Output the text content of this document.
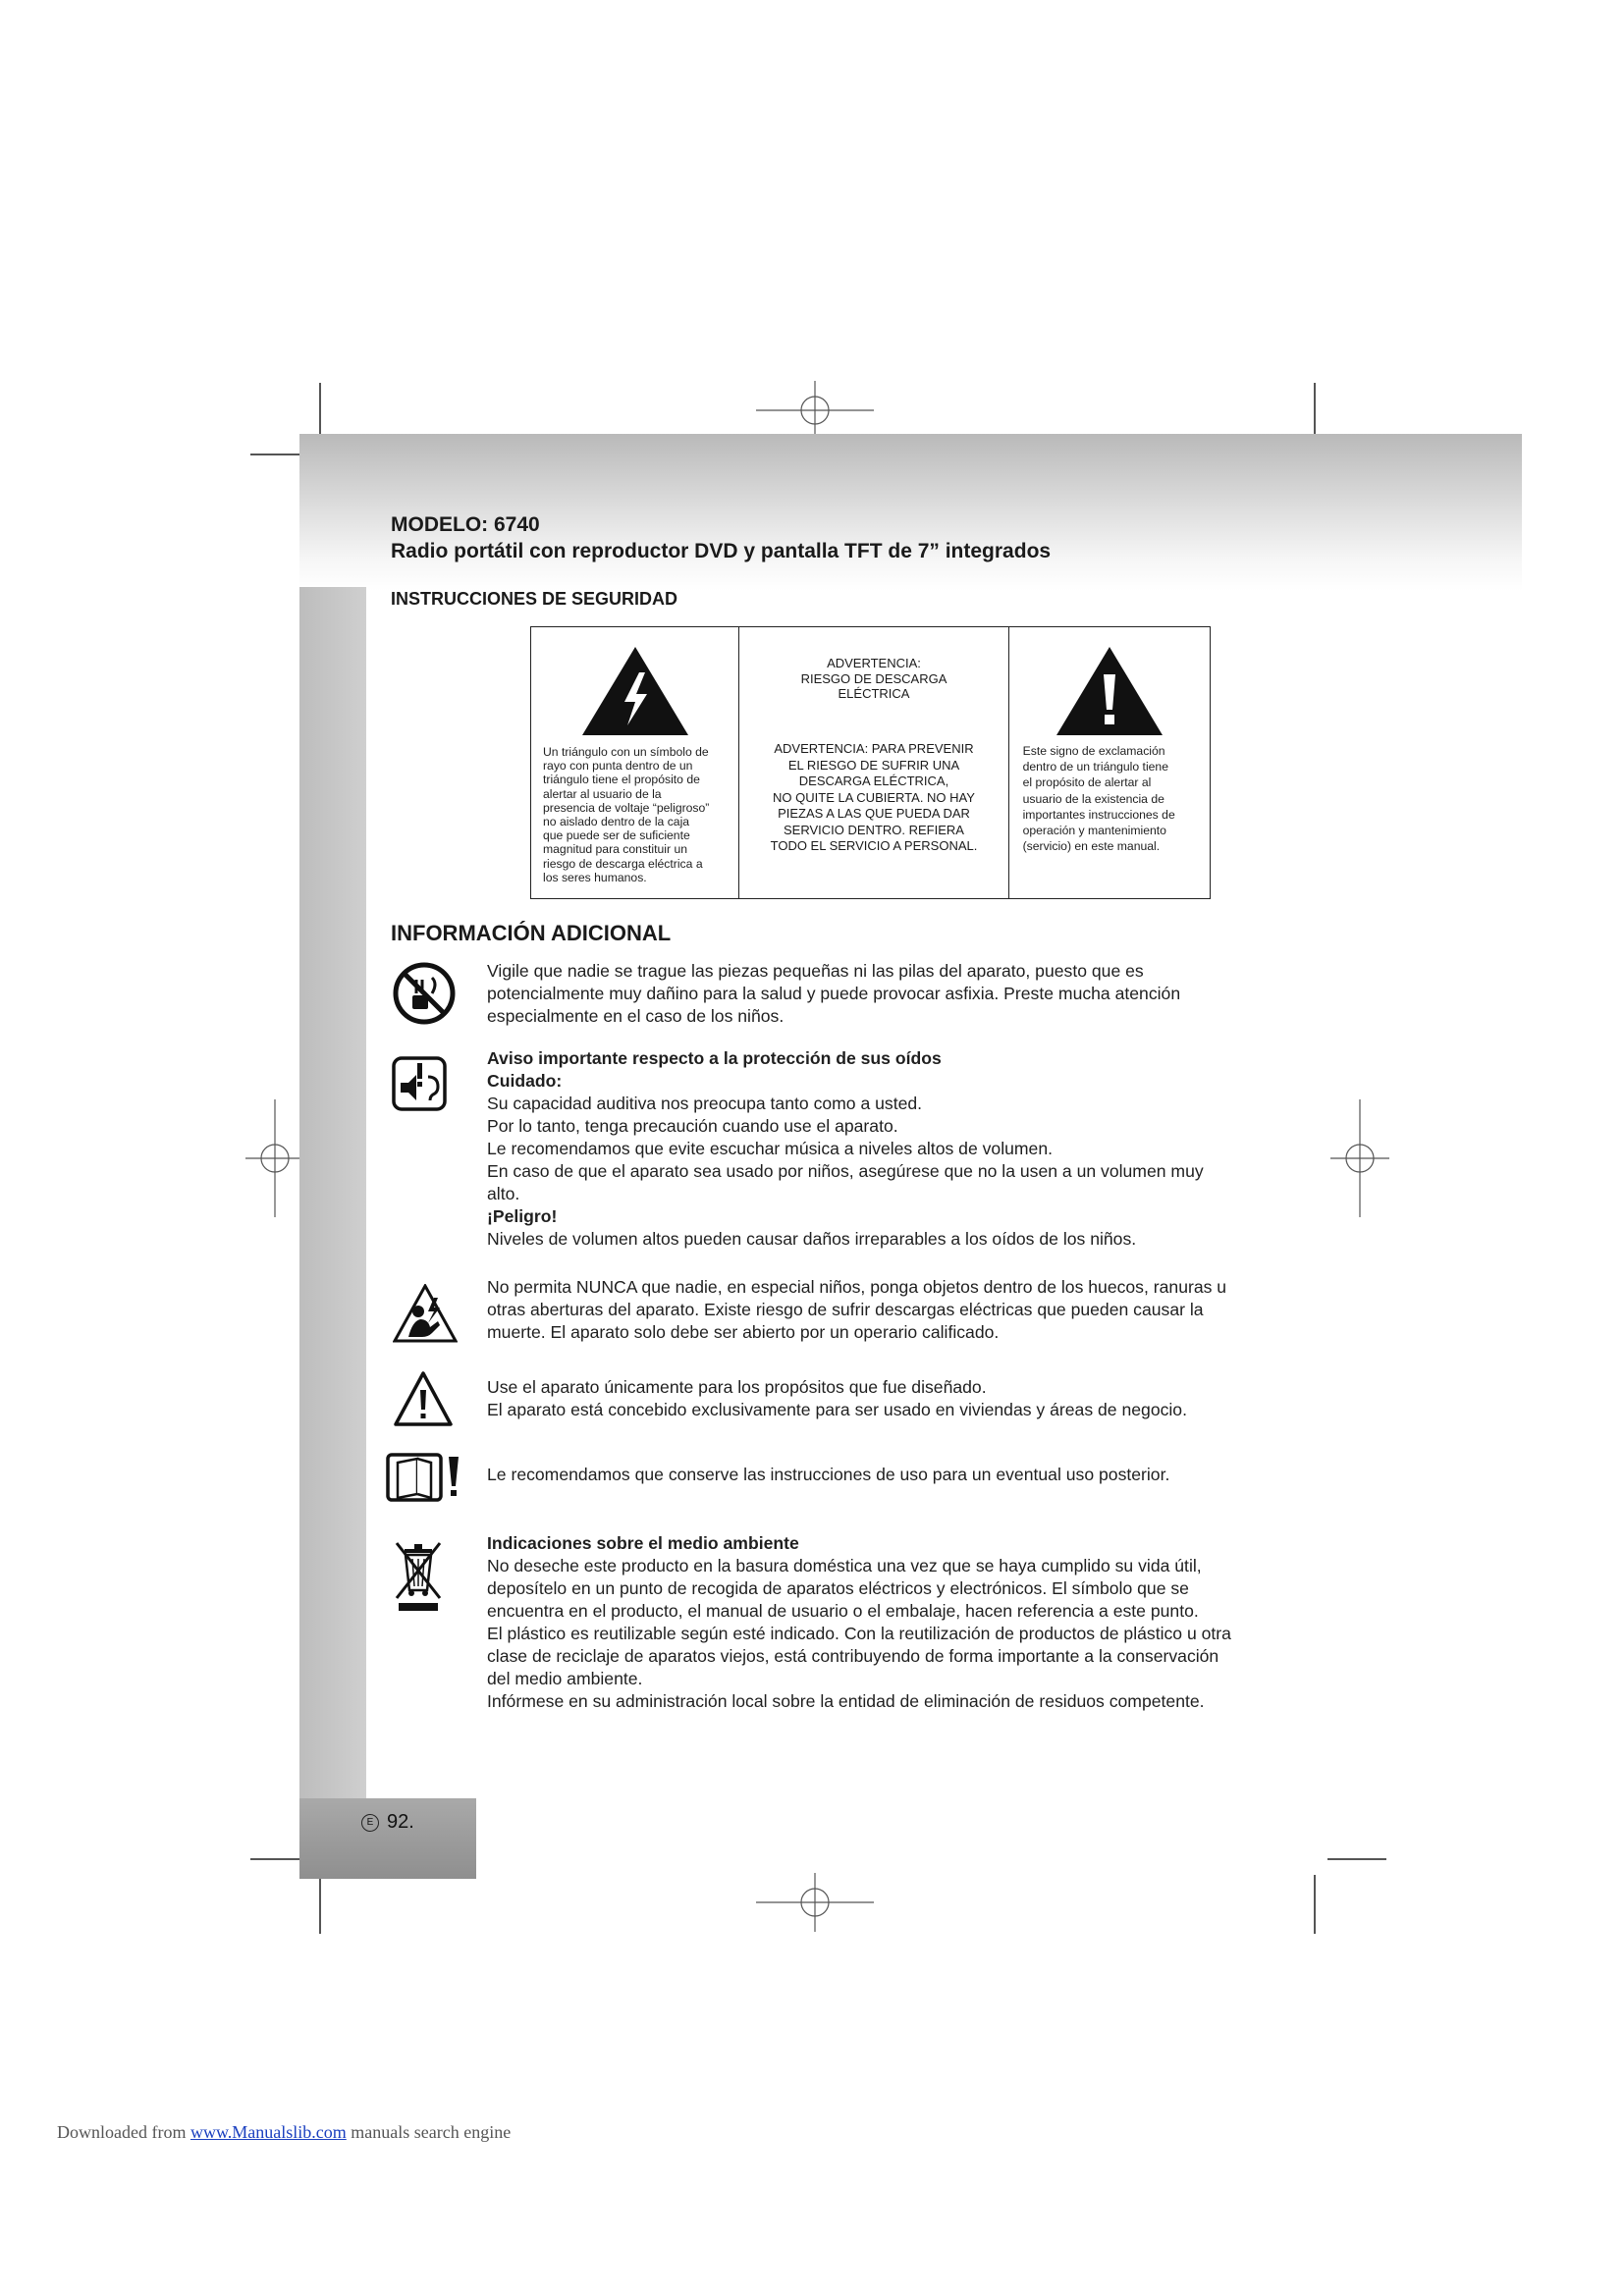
MODELO: 6740
Radio portátil con reproductor DVD y pantalla TFT de 7” integrados
INSTRUCCIONES DE SEGURIDAD
Un triángulo con un símbolo de
rayo con punta dentro de un
triángulo tiene el propósito de
alertar al usuario de la
presencia de voltaje “peligroso”
no aislado dentro de la caja
que puede ser de suficiente
magnitud para constituir un
riesgo de descarga eléctrica a
los seres humanos.
ADVERTENCIA:
RIESGO DE DESCARGA
ELÉCTRICA
ADVERTENCIA: PARA PREVENIR
EL RIESGO DE SUFRIR UNA
DESCARGA ELÉCTRICA,
NO QUITE LA CUBIERTA. NO HAY
PIEZAS A LAS QUE PUEDA DAR
SERVICIO DENTRO. REFIERA
TODO EL SERVICIO A PERSONAL.
Este signo de exclamación
dentro de un triángulo tiene
el propósito de alertar al
usuario de la existencia de
importantes instrucciones de
operación y mantenimiento
(servicio) en este manual.
INFORMACIÓN ADICIONAL
Vigile que nadie se trague las piezas pequeñas ni las pilas del aparato, puesto que es
potencialmente muy dañino para la salud y puede provocar asfixia. Preste mucha atención
especialmente en el caso de los niños.
Aviso importante respecto a la protección de sus oídos
Cuidado:
Su capacidad auditiva nos preocupa tanto como a usted.
Por lo tanto, tenga precaución cuando use el aparato.
Le recomendamos que evite escuchar música a niveles altos de volumen.
En caso de que el aparato sea usado por niños, asegúrese que no la usen a un volumen muy
alto.
¡Peligro!
Niveles de volumen altos pueden causar daños irreparables a los oídos de los niños.
No permita NUNCA que nadie, en especial niños, ponga objetos dentro de los huecos, ranuras u
otras aberturas del aparato. Existe riesgo de sufrir descargas eléctricas que pueden causar la
muerte. El aparato solo debe ser abierto por un operario calificado.
Use el aparato únicamente para los propósitos que fue diseñado.
El aparato está concebido exclusivamente para ser usado en viviendas y áreas de negocio.
Le recomendamos que conserve las instrucciones de uso para un eventual uso posterior.
Indicaciones sobre el medio ambiente
No deseche este producto en la basura doméstica una vez que se haya cumplido su vida útil,
deposítelo en un punto de recogida de aparatos eléctricos y electrónicos. El símbolo que se
encuentra en el producto, el manual de usuario o el embalaje, hacen referencia a este punto.
El plástico es reutilizable según esté indicado. Con la reutilización de productos de plástico u otra
clase de reciclaje de aparatos viejos, está contribuyendo de forma importante a la conservación
del medio ambiente.
Infórmese en su administración local sobre la entidad de eliminación de residuos competente.
E 92.
Downloaded from www.Manualslib.com manuals search engine
